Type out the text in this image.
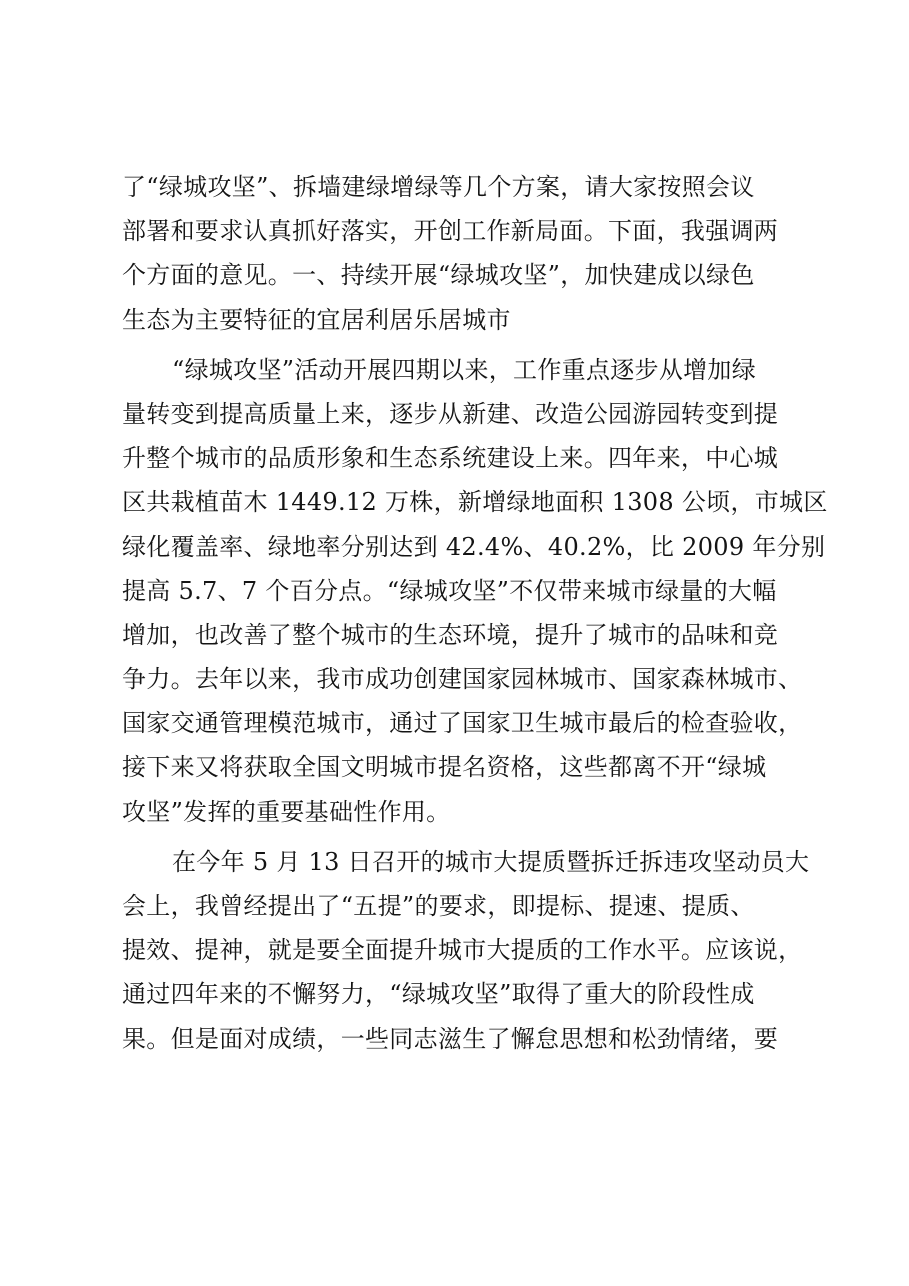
了“绿城攻坚”、拆墙建绿增绿等几个方案，请大家按照会议
部署和要求认真抓好落实，开创工作新局面。下面，我强调两
个方面的意见。一、持续开展“绿城攻坚”，加快建成以绿色
生态为主要特征的宜居利居乐居城市
“绿城攻坚”活动开展四期以来，工作重点逐步从增加绿
量转变到提高质量上来，逐步从新建、改造公园游园转变到提
升整个城市的品质形象和生态系统建设上来。四年来，中心城
区共栽植苗木 1449.12 万株，新增绿地面积 1308 公顷，市城区
绿化覆盖率、绿地率分别达到 42.4%、40.2%，比 2009 年分别
提高 5.7、7 个百分点。“绿城攻坚”不仅带来城市绿量的大幅
增加，也改善了整个城市的生态环境，提升了城市的品味和竞
争力。去年以来，我市成功创建国家园林城市、国家森林城市、
国家交通管理模范城市，通过了国家卫生城市最后的检查验收，
接下来又将获取全国文明城市提名资格，这些都离不开“绿城
攻坚”发挥的重要基础性作用。
在今年 5 月 13 日召开的城市大提质暨拆迁拆违攻坚动员大
会上，我曾经提出了“五提”的要求，即提标、提速、提质、
提效、提神，就是要全面提升城市大提质的工作水平。应该说，
通过四年来的不懈努力，“绿城攻坚”取得了重大的阶段性成
果。但是面对成绩，一些同志滋生了懈怠思想和松劲情绪，要
